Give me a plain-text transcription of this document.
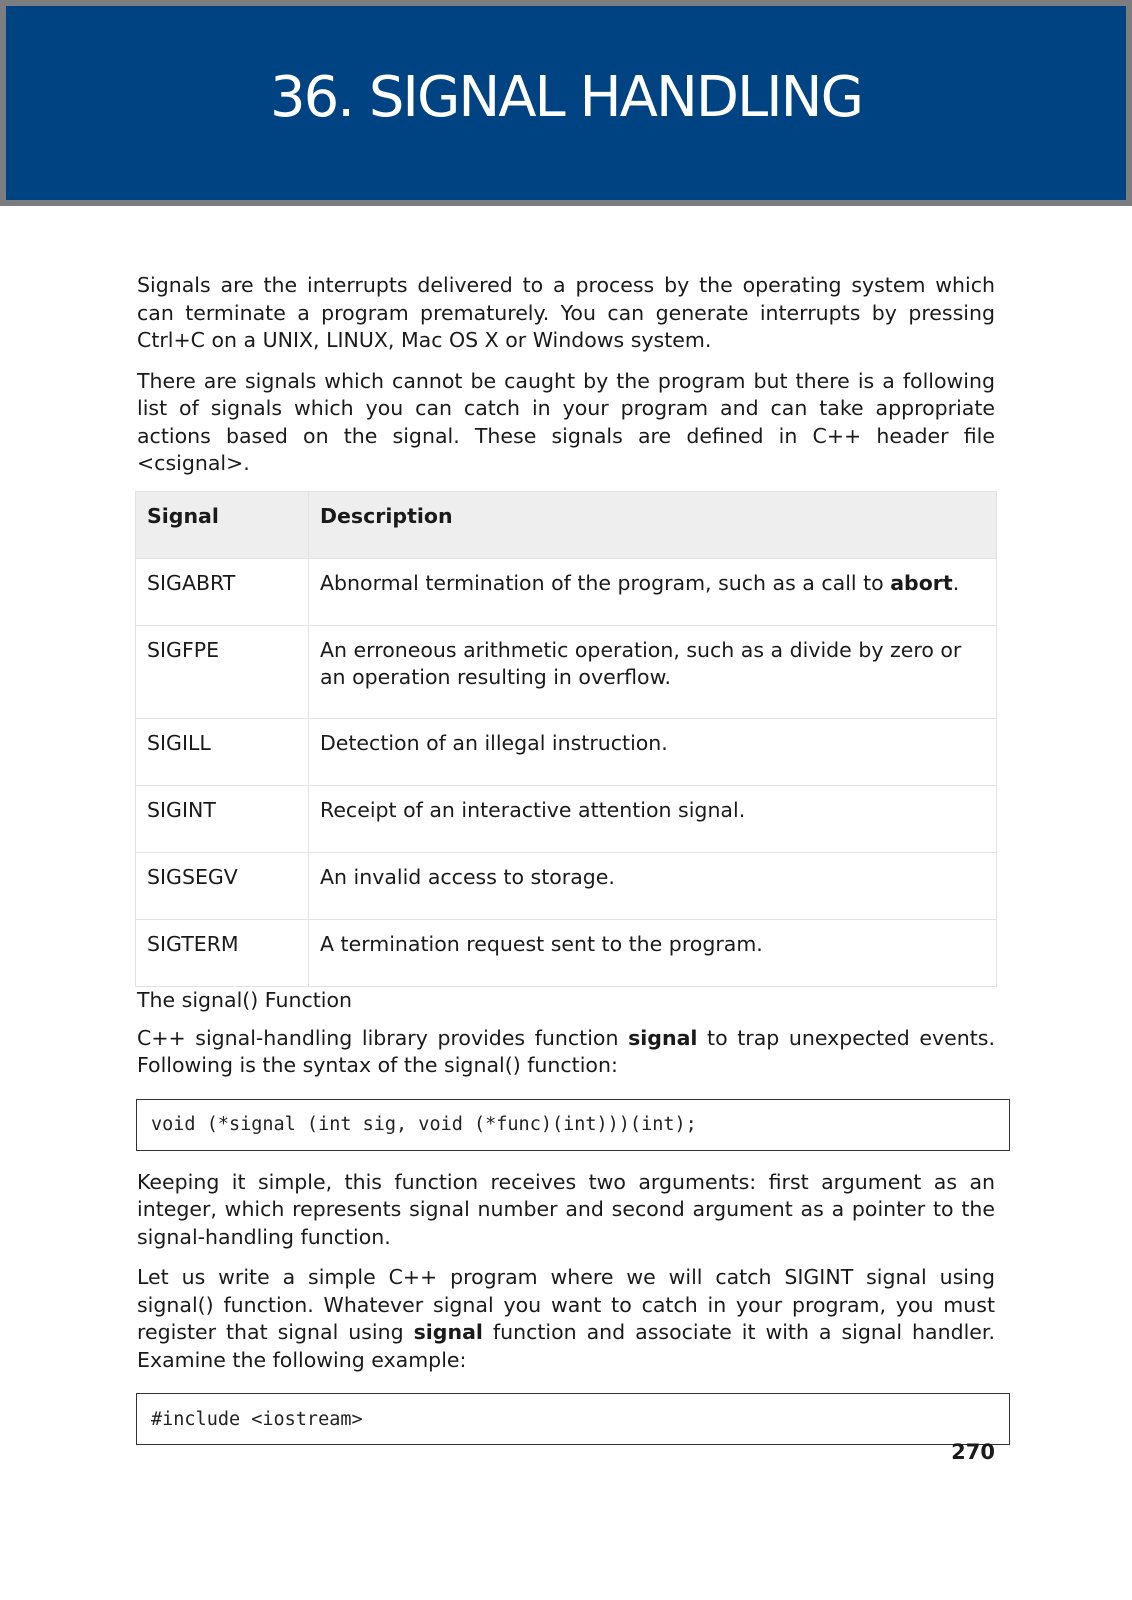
36. SIGNAL HANDLING

Signals are the interrupts delivered to a process by the operating system which can terminate a program prematurely. You can generate interrupts by pressing Ctrl+C on a UNIX, LINUX, Mac OS X or Windows system.

There are signals which cannot be caught by the program but there is a following list of signals which you can catch in your program and can take appropriate actions based on the signal. These signals are defined in C++ header file <csignal>.

Signal	Description
SIGABRT	Abnormal termination of the program, such as a call to abort.
SIGFPE	An erroneous arithmetic operation, such as a divide by zero or an operation resulting in overflow.
SIGILL	Detection of an illegal instruction.
SIGINT	Receipt of an interactive attention signal.
SIGSEGV	An invalid access to storage.
SIGTERM	A termination request sent to the program.
The signal() Function

C++ signal-handling library provides function signal to trap unexpected events. Following is the syntax of the signal() function:

void (*signal (int sig, void (*func)(int)))(int);

Keeping it simple, this function receives two arguments: first argument as an integer, which represents signal number and second argument as a pointer to the signal-handling function.

Let us write a simple C++ program where we will catch SIGINT signal using signal() function. Whatever signal you want to catch in your program, you must register that signal using signal function and associate it with a signal handler. Examine the following example:

#include <iostream>
270
